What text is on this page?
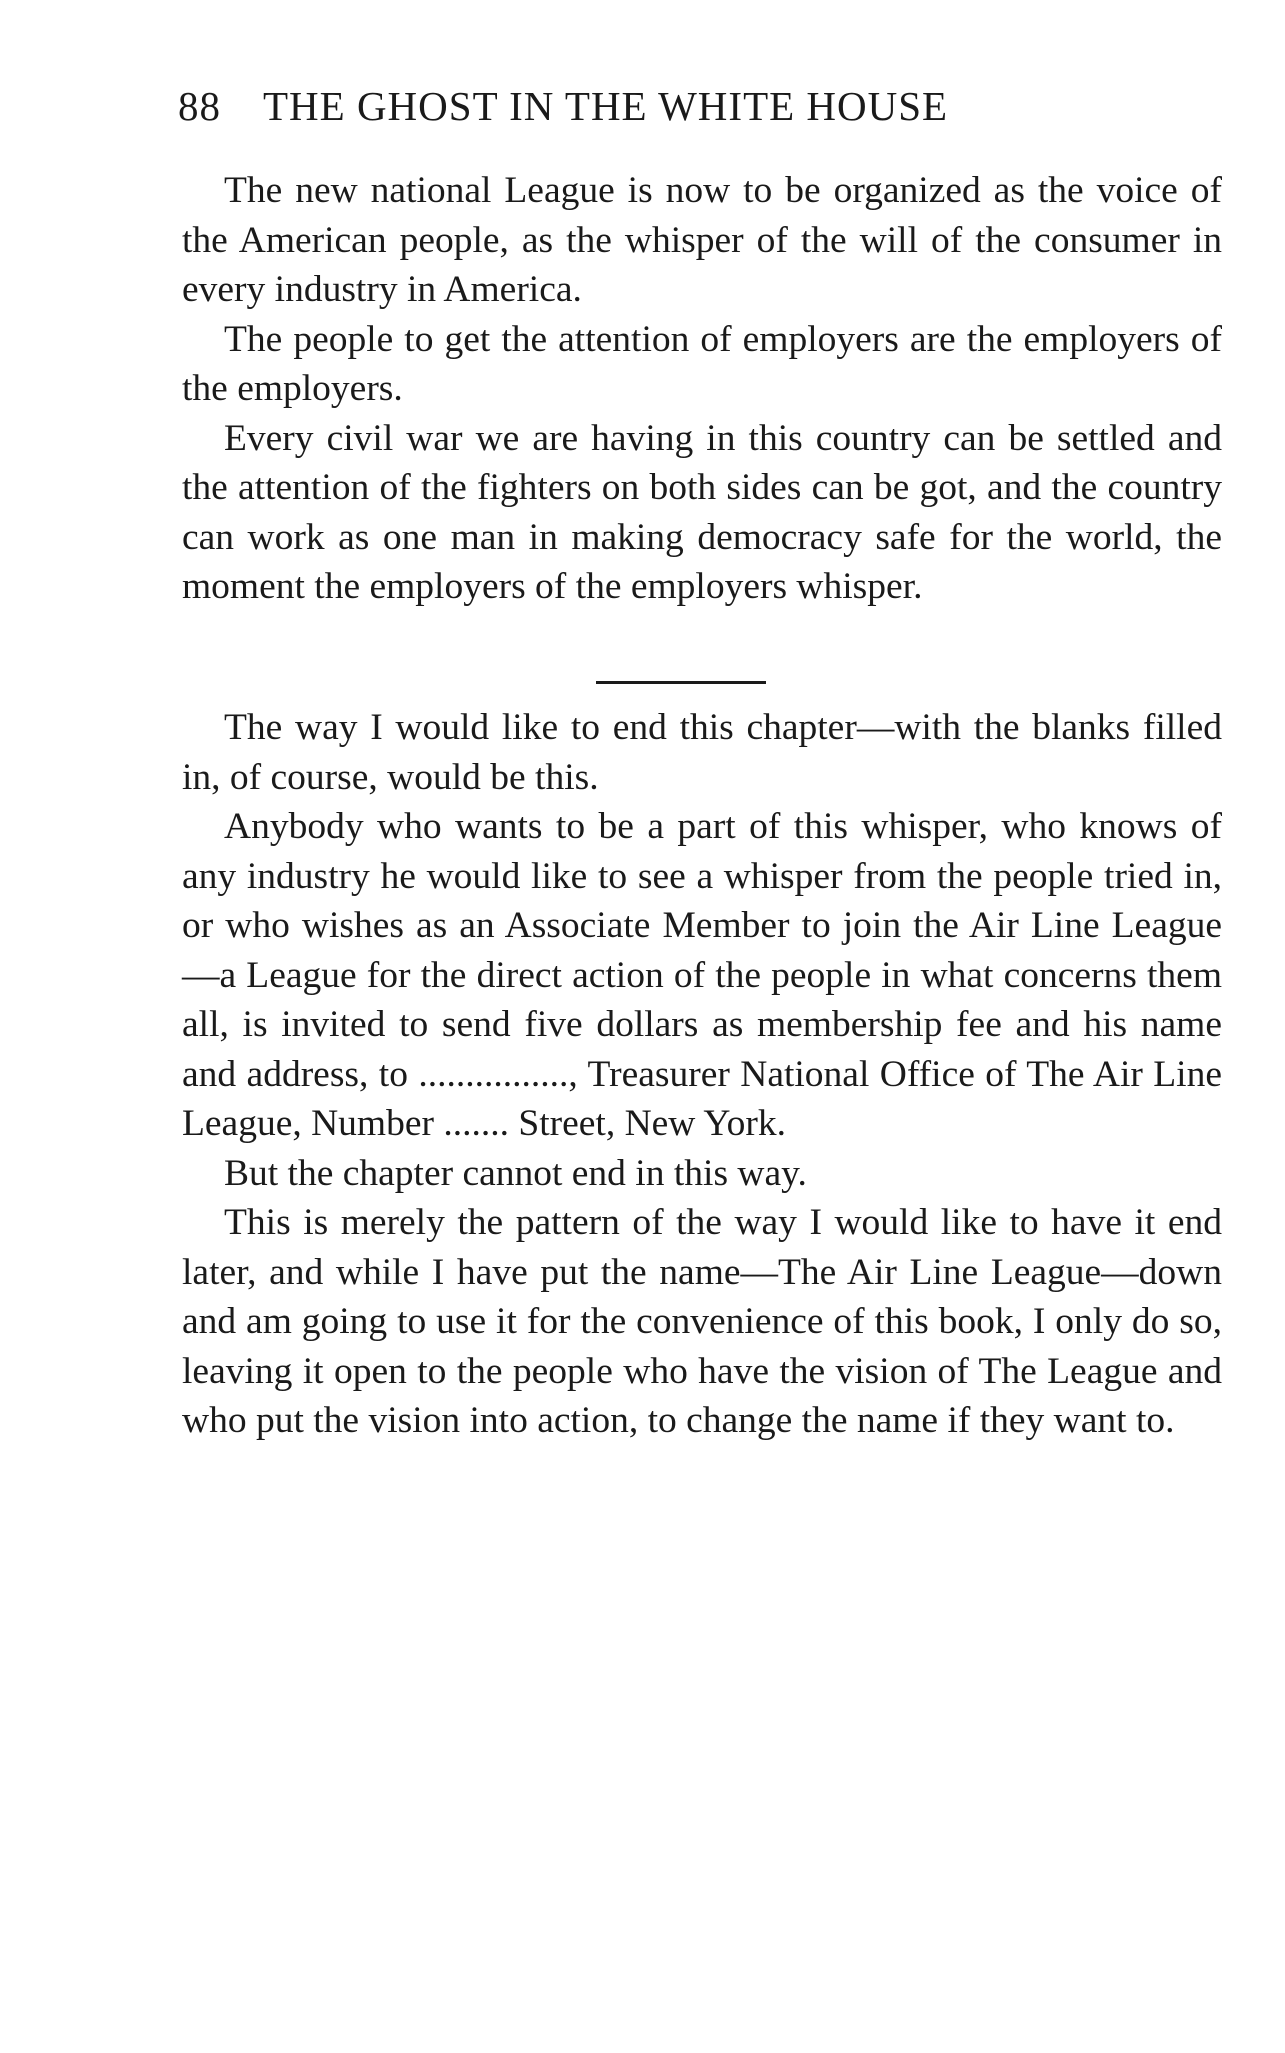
88 THE GHOST IN THE WHITE HOUSE

The new national League is now to be organized as the voice of the American people, as the whisper of the will of the consumer in every industry in America.

The people to get the attention of employers are the employers of the employers.

Every civil war we are having in this country can be settled and the attention of the fighters on both sides can be got, and the country can work as one man in making democracy safe for the world, the moment the employers of the employers whisper.

The way I would like to end this chapter—with the blanks filled in, of course, would be this.

Anybody who wants to be a part of this whisper, who knows of any industry he would like to see a whisper from the people tried in, or who wishes as an Associate Member to join the Air Line League—a League for the direct action of the people in what concerns them all, is invited to send five dollars as membership fee and his name and address, to ................, Treasurer National Office of The Air Line League, Number ....... Street, New York.

But the chapter cannot end in this way.

This is merely the pattern of the way I would like to have it end later, and while I have put the name—The Air Line League—down and am going to use it for the convenience of this book, I only do so, leaving it open to the people who have the vision of The League and who put the vision into action, to change the name if they want to.
